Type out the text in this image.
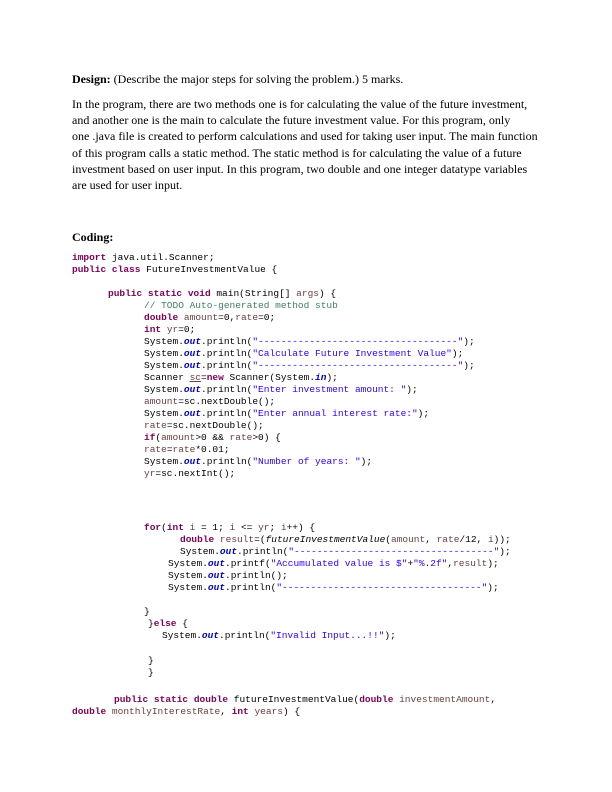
Design: (Describe the major steps for solving the problem.) 5 marks.
In the program, there are two methods one is for calculating the value of the future investment,
and another one is the main to calculate the future investment value. For this program, only
one .java file is created to perform calculations and used for taking user input. The main function
of this program calls a static method. The static method is for calculating the value of a future
investment based on user input. In this program, two double and one integer datatype variables
are used for user input.
Coding:
import java.util.Scanner;
public class FutureInvestmentValue {
public static void main(String[] args) {
// TODO Auto-generated method stub
double amount=0,rate=0;
int yr=0;
System.out.println("-----------------------------------");
System.out.println("Calculate Future Investment Value");
System.out.println("-----------------------------------");
Scanner sc=new Scanner(System.in);
System.out.println("Enter investment amount: ");
amount=sc.nextDouble();
System.out.println("Enter annual interest rate:");
rate=sc.nextDouble();
if(amount>0 && rate>0) {
rate=rate*0.01;
System.out.println("Number of years: ");
yr=sc.nextInt();
for(int i = 1; i <= yr; i++) {
double result=(futureInvestmentValue(amount, rate/12, i));
System.out.println("-----------------------------------");
System.out.printf("Accumulated value is $"+"%.2f",result);
System.out.println();
System.out.println("-----------------------------------");
}
}else {
System.out.println("Invalid Input...!!");
}
}
public static double futureInvestmentValue(double investmentAmount,
double monthlyInterestRate, int years) {
